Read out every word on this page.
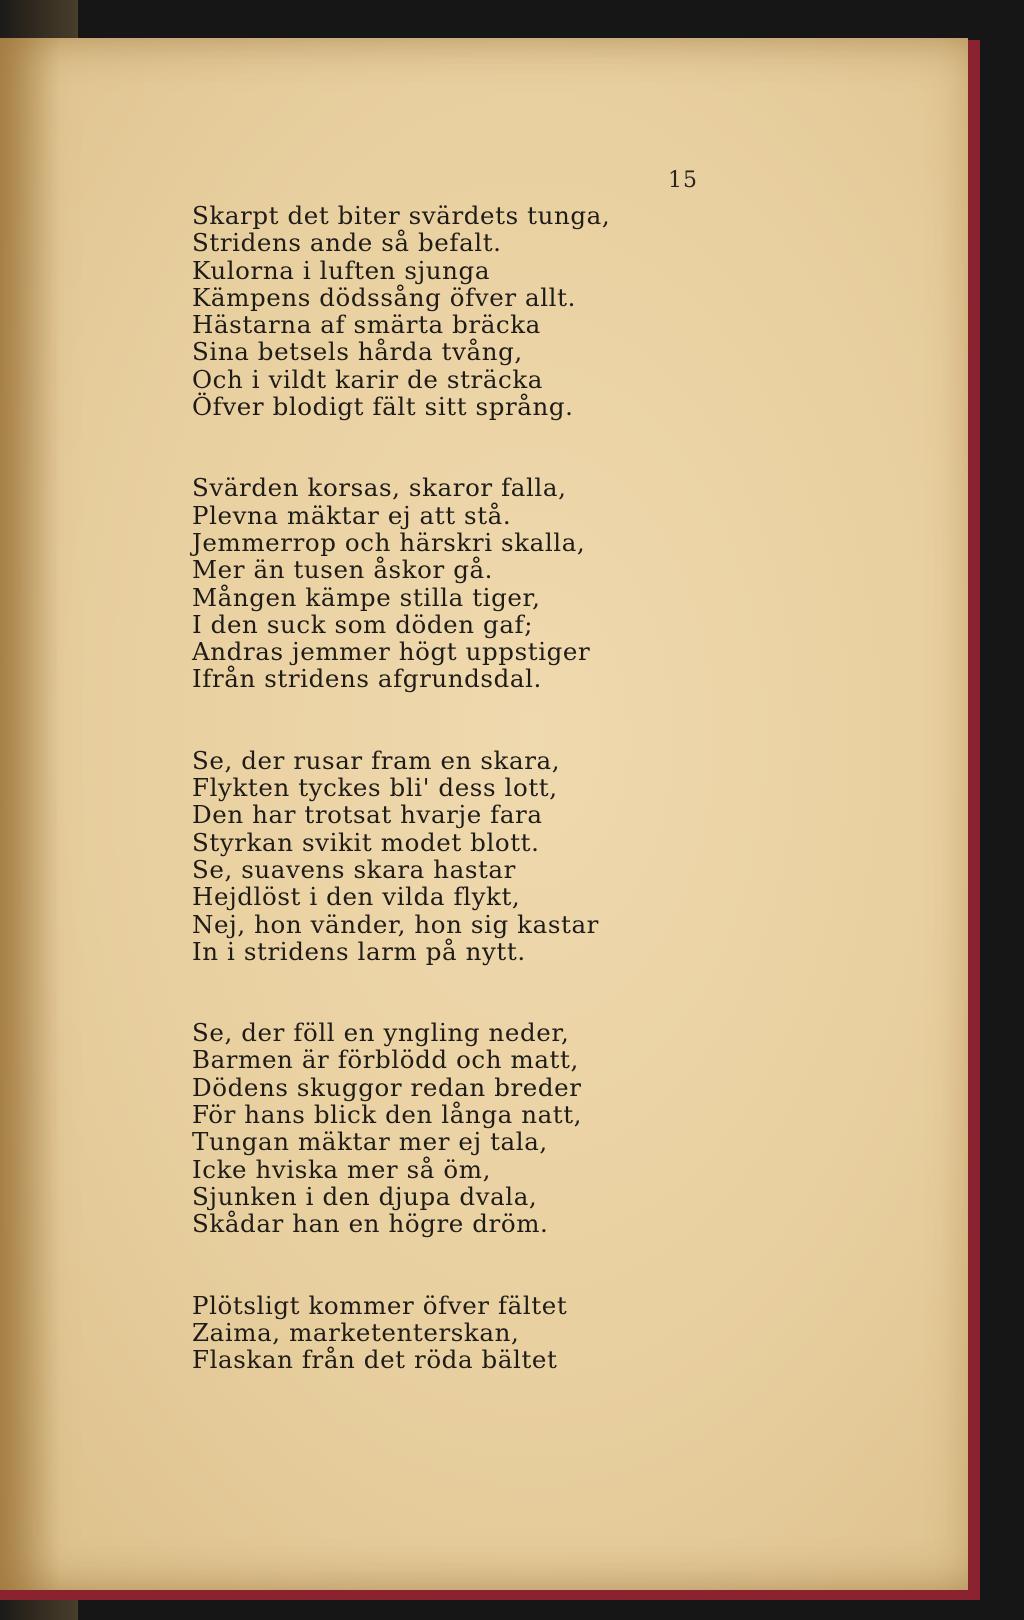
15
Skarpt det biter svärdets tunga,
Stridens ande så befalt.
Kulorna i luften sjunga
Kämpens dödssång öfver allt.
Hästarna af smärta bräcka
Sina betsels hårda tvång,
Och i vildt karir de sträcka
Öfver blodigt fält sitt språng.
Svärden korsas, skaror falla,
Plevna mäktar ej att stå.
Jemmerrop och härskri skalla,
Mer än tusen åskor gå.
Mången kämpe stilla tiger,
I den suck som döden gaf;
Andras jemmer högt uppstiger
Ifrån stridens afgrundsdal.
Se, der rusar fram en skara,
Flykten tyckes bli' dess lott,
Den har trotsat hvarje fara
Styrkan svikit modet blott.
Se, suavens skara hastar
Hejdlöst i den vilda flykt,
Nej, hon vänder, hon sig kastar
In i stridens larm på nytt.
Se, der föll en yngling neder,
Barmen är förblödd och matt,
Dödens skuggor redan breder
För hans blick den långa natt,
Tungan mäktar mer ej tala,
Icke hviska mer så öm,
Sjunken i den djupa dvala,
Skådar han en högre dröm.
Plötsligt kommer öfver fältet
Zaima, marketenterskan,
Flaskan från det röda bältet
